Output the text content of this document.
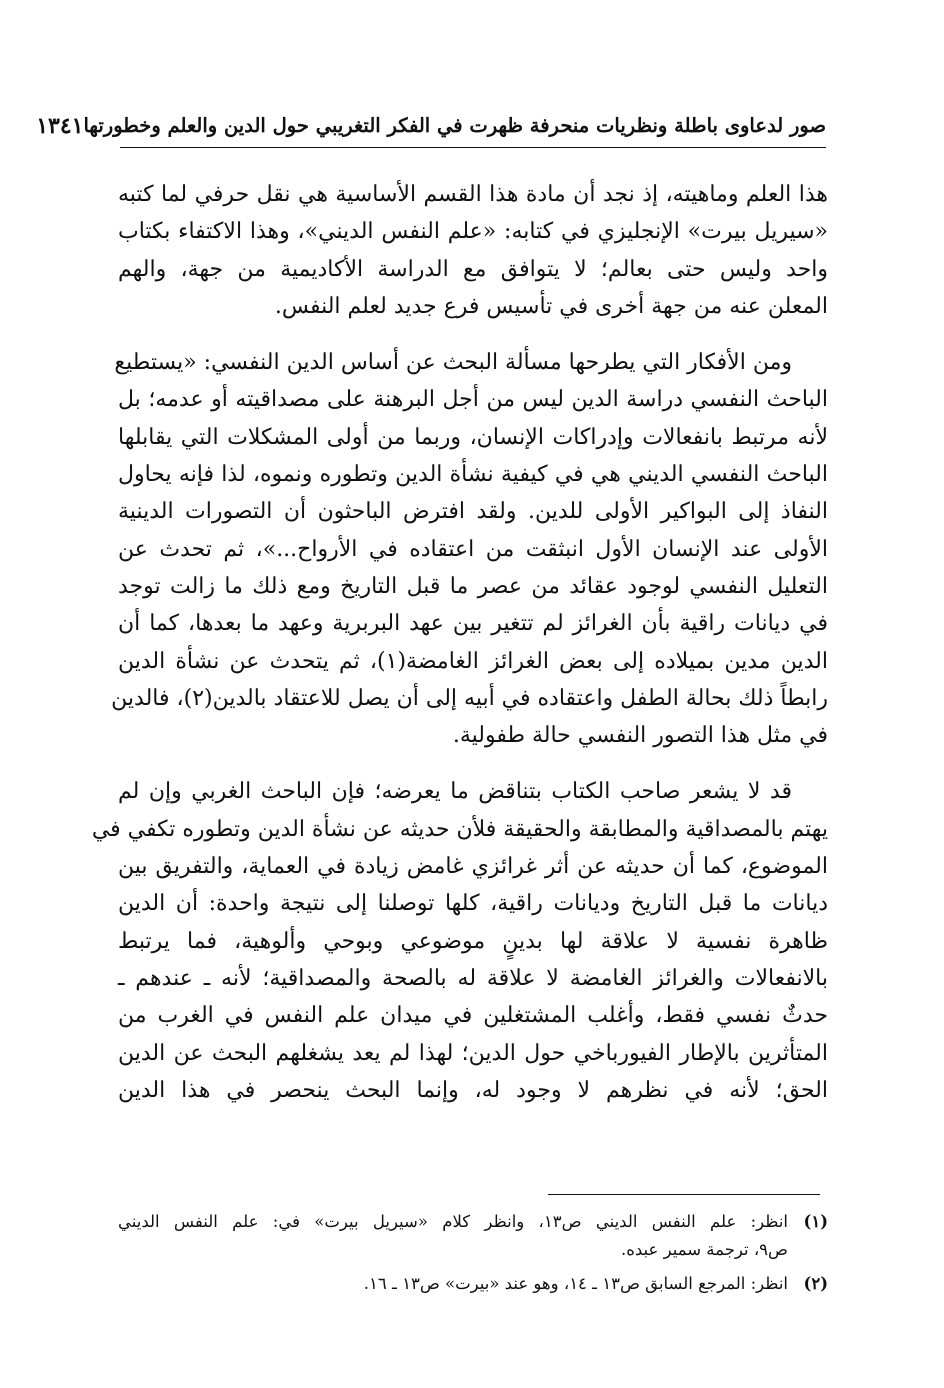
صور لدعاوى باطلة ونظريات منحرفة ظهرت في الفكر التغريبي حول الدين والعلم وخطورتها
١٣٤١

هذا العلم وماهيته، إذ نجد أن مادة هذا القسم الأساسية هي نقل حرفي لما كتبه
«سيريل بيرت» الإنجليزي في كتابه: «علم النفس الديني»، وهذا الاكتفاء بكتاب
واحد وليس حتى بعالم؛ لا يتوافق مع الدراسة الأكاديمية من جهة، والهم
المعلن عنه من جهة أخرى في تأسيس فرع جديد لعلم النفس.

ومن الأفكار التي يطرحها مسألة البحث عن أساس الدين النفسي: «يستطيع
الباحث النفسي دراسة الدين ليس من أجل البرهنة على مصداقيته أو عدمه؛ بل
لأنه مرتبط بانفعالات وإدراكات الإنسان، وربما من أولى المشكلات التي يقابلها
الباحث النفسي الديني هي في كيفية نشأة الدين وتطوره ونموه، لذا فإنه يحاول
النفاذ إلى البواكير الأولى للدين. ولقد افترض الباحثون أن التصورات الدينية
الأولى عند الإنسان الأول انبثقت من اعتقاده في الأرواح...»، ثم تحدث عن
التعليل النفسي لوجود عقائد من عصر ما قبل التاريخ ومع ذلك ما زالت توجد
في ديانات راقية بأن الغرائز لم تتغير بين عهد البربرية وعهد ما بعدها، كما أن
الدين مدين بميلاده إلى بعض الغرائز الغامضة(١)، ثم يتحدث عن نشأة الدين
رابطاً ذلك بحالة الطفل واعتقاده في أبيه إلى أن يصل للاعتقاد بالدين(٢)، فالدين
في مثل هذا التصور النفسي حالة طفولية.

قد لا يشعر صاحب الكتاب بتناقض ما يعرضه؛ فإن الباحث الغربي وإن لم
يهتم بالمصداقية والمطابقة والحقيقة فلأن حديثه عن نشأة الدين وتطوره تكفي في
الموضوع، كما أن حديثه عن أثر غرائزي غامض زيادة في العماية، والتفريق بين
ديانات ما قبل التاريخ وديانات راقية، كلها توصلنا إلى نتيجة واحدة: أن الدين
ظاهرة نفسية لا علاقة لها بدينٍ موضوعي وبوحي وألوهية، فما يرتبط
بالانفعالات والغرائز الغامضة لا علاقة له بالصحة والمصداقية؛ لأنه ـ عندهم ـ
حدثٌ نفسي فقط، وأغلب المشتغلين في ميدان علم النفس في الغرب من
المتأثرين بالإطار الفيورباخي حول الدين؛ لهذا لم يعد يشغلهم البحث عن الدين
الحق؛ لأنه في نظرهم لا وجود له، وإنما البحث ينحصر في هذا الدين

(١)
انظر: علم النفس الديني ص١٣، وانظر كلام «سيريل بيرت» في: علم النفس الديني
ص٩، ترجمة سمير عبده.
(٢)
انظر: المرجع السابق ص١٣ ـ ١٤، وهو عند «بيرت» ص١٣ ـ ١٦.
